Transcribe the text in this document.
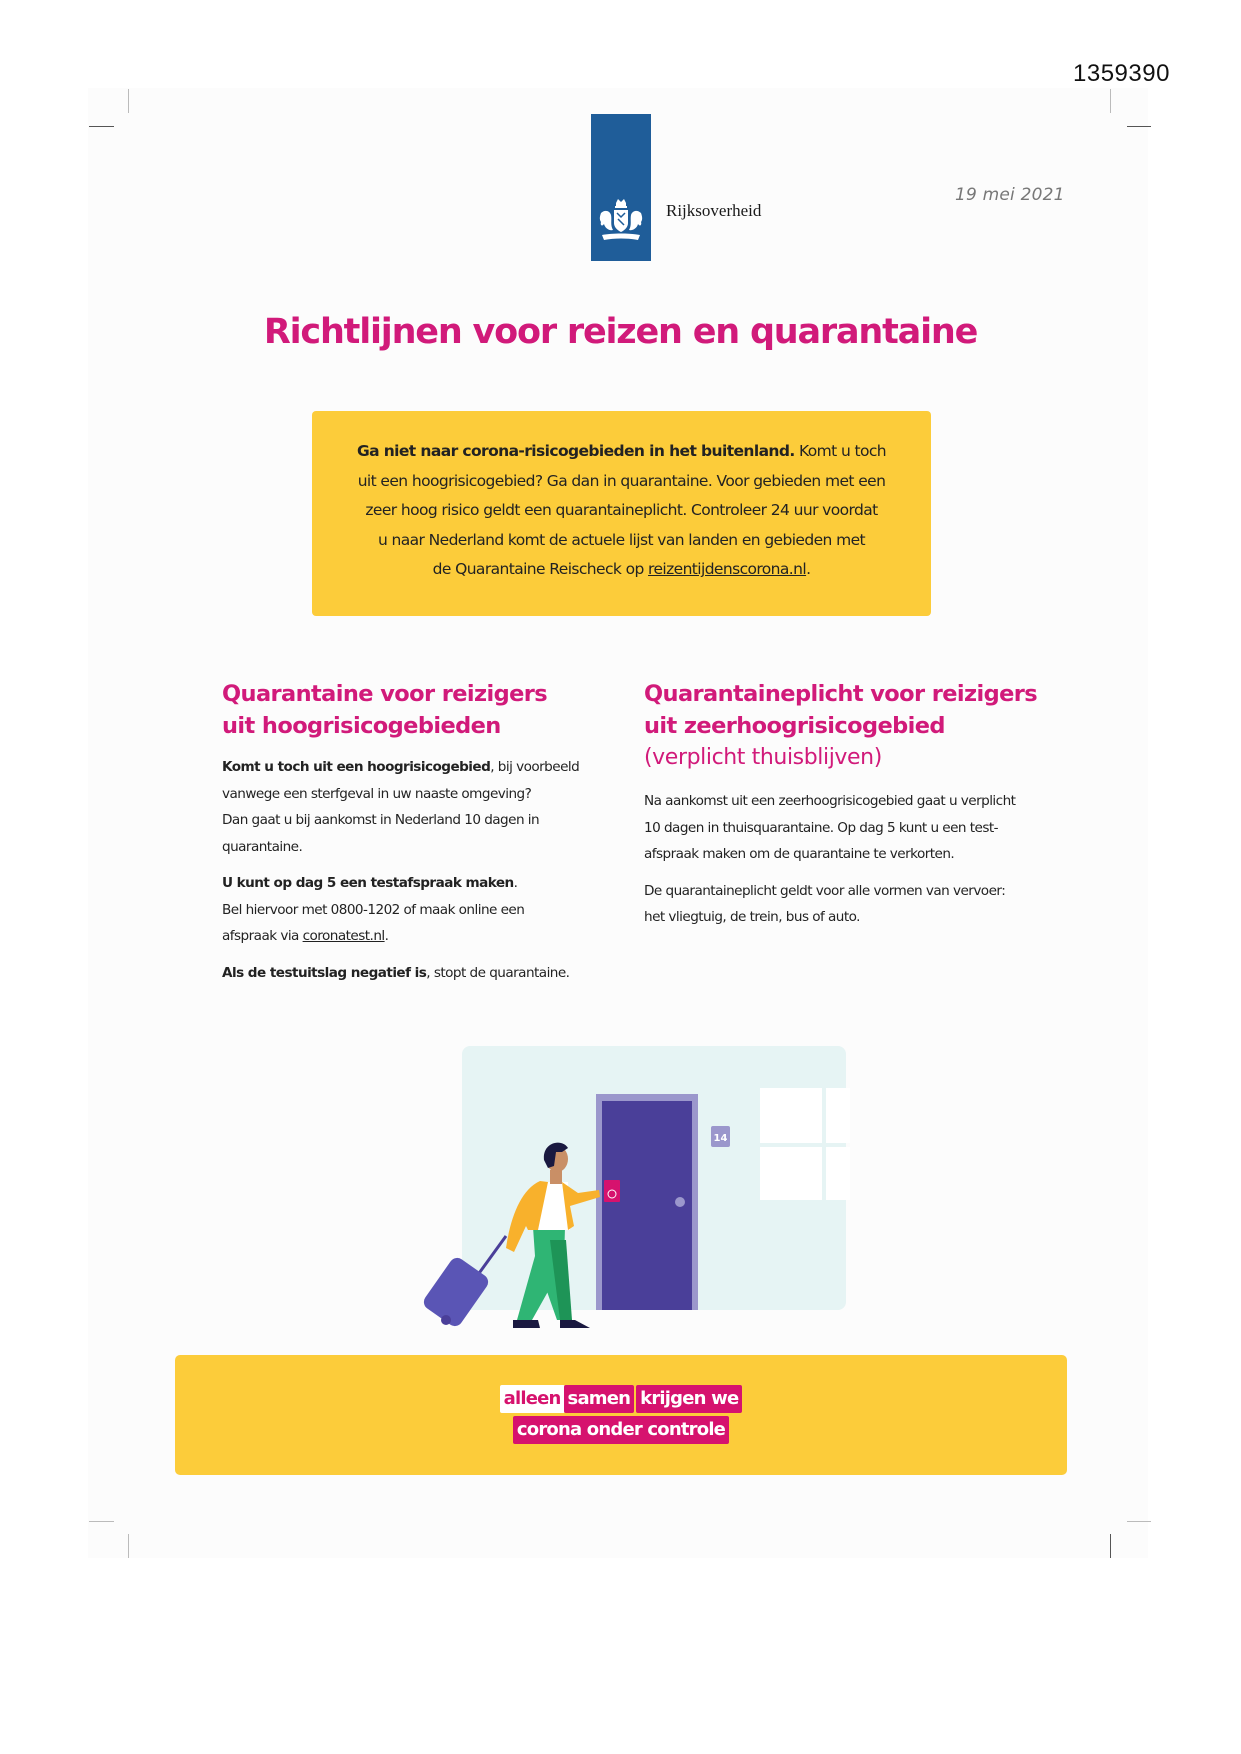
1359390
Rijksoverheid
19 mei 2021
Richtlijnen voor reizen en quarantaine
Ga niet naar corona-risicogebieden in het buitenland. Komt u toch
uit een hoogrisicogebied? Ga dan in quarantaine. Voor gebieden met een
zeer hoog risico geldt een quarantaineplicht. Controleer 24 uur voordat
u naar Nederland komt de actuele lijst van landen en gebieden met
de Quarantaine Reischeck op reizentijdenscorona.nl.
Quarantaine voor reizigers
uit hoogrisicogebieden

Komt u toch uit een hoogrisicogebied, bij voorbeeld
vanwege een sterfgeval in uw naaste omgeving?
Dan gaat u bij aankomst in Nederland 10 dagen in
quarantaine.

U kunt op dag 5 een testafspraak maken.
Bel hiervoor met 0800-1202 of maak online een
afspraak via coronatest.nl.

Als de testuitslag negatief is, stopt de quarantaine.

Quarantaineplicht voor reizigers
uit zeerhoogrisicogebied
(verplicht thuisblijven)

Na aankomst uit een zeerhoogrisicogebied gaat u verplicht
10 dagen in thuisquarantaine. Op dag 5 kunt u een test-
afspraak maken om de quarantaine te verkorten.

De quarantaineplicht geldt voor alle vormen van vervoer:
het vliegtuig, de trein, bus of auto.

14
alleen samen krijgen we
corona onder controle
